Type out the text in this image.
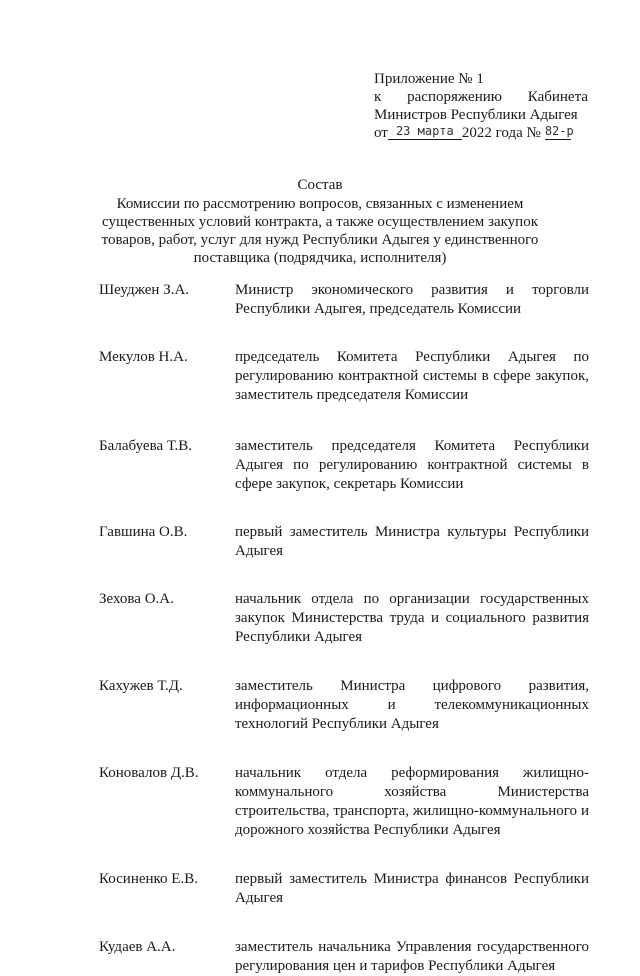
Приложение № 1
к распоряжению Кабинета
Министров Республики Адыгея
от 23 марта 2022 года № 82-р
Состав
Комиссии по рассмотрению вопросов, связанных с изменением существенных условий контракта, а также осуществлением закупок товаров, работ, услуг для нужд Республики Адыгея у единственного поставщика (подрядчика, исполнителя)
Шеуджен З.А.	Министр экономического развития и торговли Республики Адыгея, председатель Комиссии
Мекулов Н.А.	председатель Комитета Республики Адыгея по регулированию контрактной системы в сфере закупок, заместитель председателя Комиссии
Балабуева Т.В.	заместитель председателя Комитета Республики Адыгея по регулированию контрактной системы в сфере закупок, секретарь Комиссии
Гавшина О.В.	первый заместитель Министра культуры Республики Адыгея
Зехова О.А.	начальник отдела по организации государственных закупок Министерства труда и социального развития Республики Адыгея
Кахужев Т.Д.	заместитель Министра цифрового развития, информационных и телекоммуникационных технологий Республики Адыгея
Коновалов Д.В.	начальник отдела реформирования жилищно-коммунального хозяйства Министерства строительства, транспорта, жилищно-коммунального и дорожного хозяйства Республики Адыгея
Косиненко Е.В.	первый заместитель Министра финансов Республики Адыгея
Кудаев А.А.	заместитель начальника Управления государственного регулирования цен и тарифов Республики Адыгея
